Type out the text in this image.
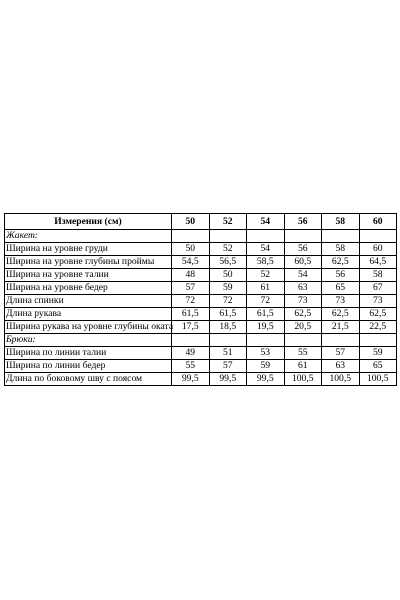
Измерения (см)	50	52	54	56	58	60
Жакет:						
Ширина на уровне груди	50	52	54	56	58	60
Ширина на уровне глубины проймы	54,5	56,5	58,5	60,5	62,5	64,5
Ширина на уровне талии	48	50	52	54	56	58
Ширина на уровне бедер	57	59	61	63	65	67
Длина спинки	72	72	72	73	73	73
Длина рукава	61,5	61,5	61,5	62,5	62,5	62,5
Ширина рукава на уровне глубины оката	17,5	18,5	19,5	20,5	21,5	22,5
Брюки:						
Ширина по линии талии	49	51	53	55	57	59
Ширина по линии бедер	55	57	59	61	63	65
Длина по боковому шву с поясом	99,5	99,5	99,5	100,5	100,5	100,5
